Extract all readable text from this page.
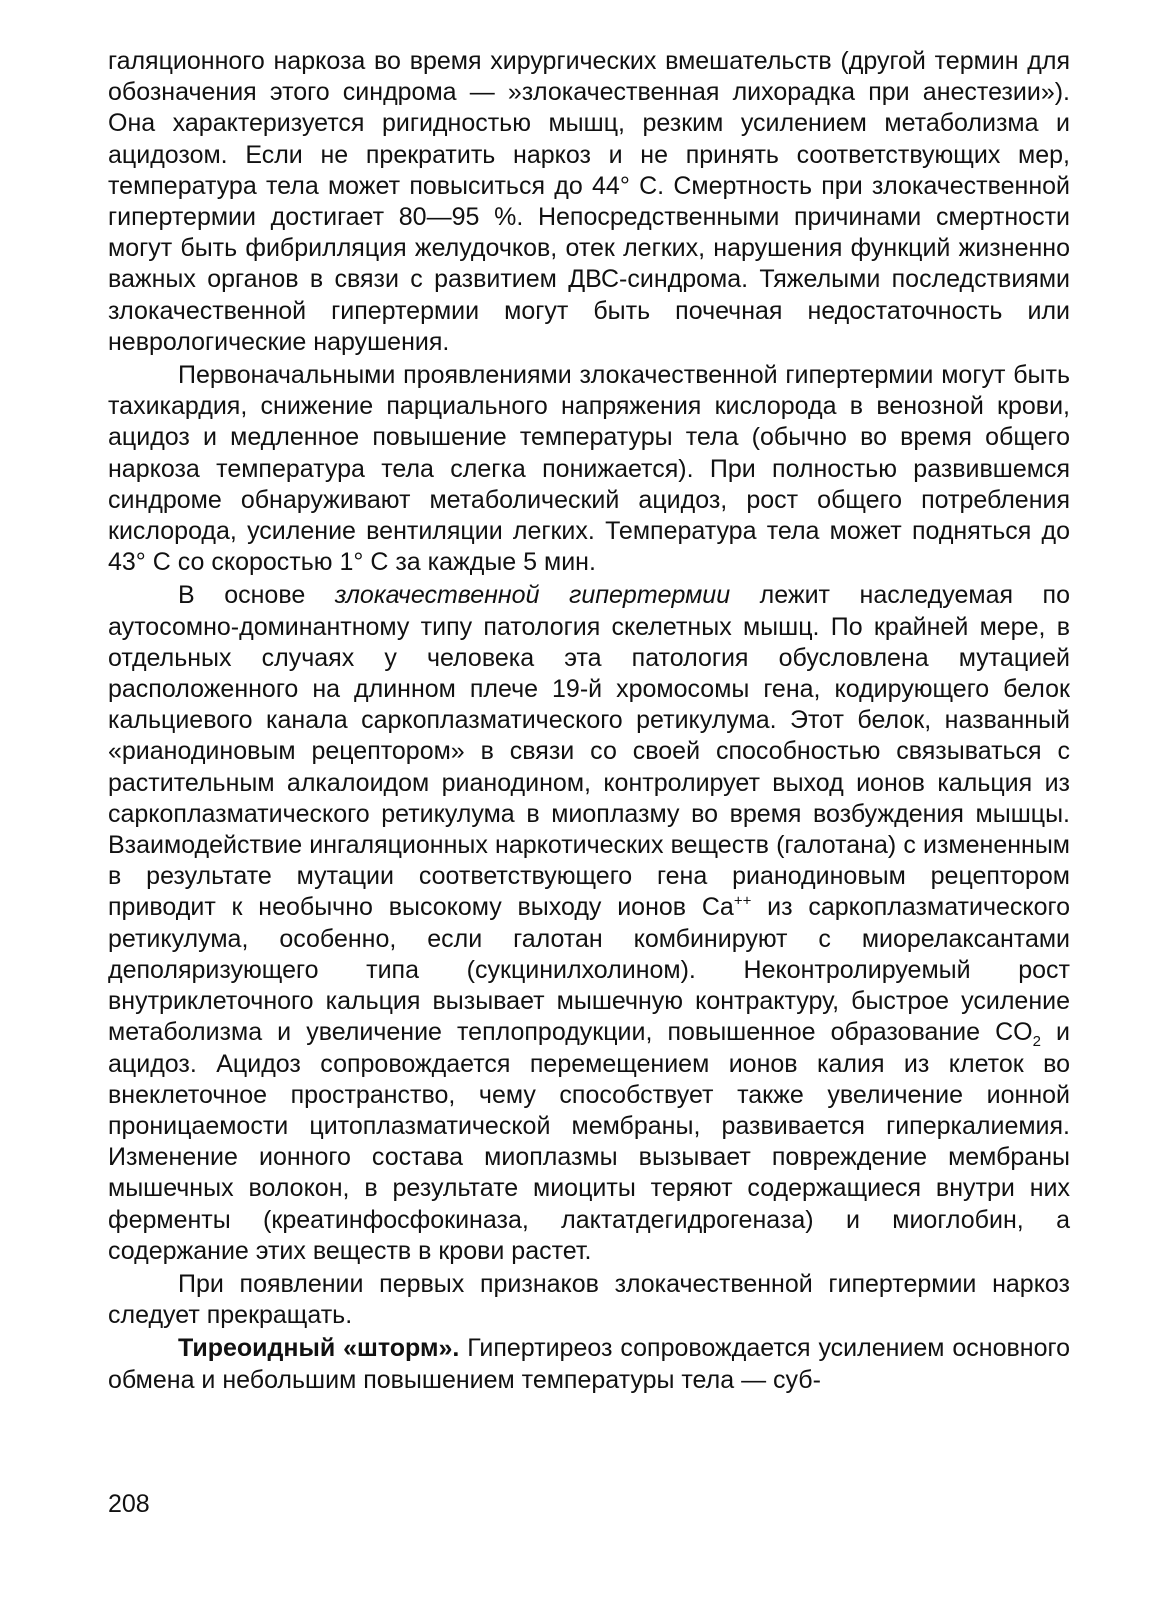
галяционного наркоза во время хирургических вмешательств (другой термин для обозначения этого синдрома — »злокачественная лихорадка при анестезии»). Она характеризуется ригидностью мышц, резким усилением метаболизма и ацидозом. Если не прекратить наркоз и не принять соответствующих мер, температура тела может повыситься до 44° С. Смертность при злокачественной гипертермии достигает 80—95 %. Непосредственными причинами смертности могут быть фибрилляция желудочков, отек легких, нарушения функций жизненно важных органов в связи с развитием ДВС-синдрома. Тяжелыми последствиями злокачественной гипертермии могут быть почечная недостаточность или неврологические нарушения.

Первоначальными проявлениями злокачественной гипертермии могут быть тахикардия, снижение парциального напряжения кислорода в венозной крови, ацидоз и медленное повышение температуры тела (обычно во время общего наркоза температура тела слегка понижается). При полностью развившемся синдроме обнаруживают метаболический ацидоз, рост общего потребления кислорода, усиление вентиляции легких. Температура тела может подняться до 43° С со скоростью 1° С за каждые 5 мин.

В основе злокачественной гипертермии лежит наследуемая по аутосомно-доминантному типу патология скелетных мышц. По крайней мере, в отдельных случаях у человека эта патология обусловлена мутацией расположенного на длинном плече 19-й хромосомы гена, кодирующего белок кальциевого канала саркоплазматического ретикулума. Этот белок, названный «рианодиновым рецептором» в связи со своей способностью связываться с растительным алкалоидом рианодином, контролирует выход ионов кальция из саркоплазматического ретикулума в миоплазму во время возбуждения мышцы. Взаимодействие ингаляционных наркотических веществ (галотана) с измененным в результате мутации соответствующего гена рианодиновым рецептором приводит к необычно высокому выходу ионов Ca++ из саркоплазматического ретикулума, особенно, если галотан комбинируют с миорелаксантами деполяризующего типа (сукцинилхолином). Неконтролируемый рост внутриклеточного кальция вызывает мышечную контрактуру, быстрое усиление метаболизма и увеличение теплопродукции, повышенное образование $CO_2$ и ацидоз. Ацидоз сопровождается перемещением ионов калия из клеток во внеклеточное пространство, чему способствует также увеличение ионной проницаемости цитоплазматической мембраны, развивается гиперкалиемия. Изменение ионного состава миоплазмы вызывает повреждение мембраны мышечных волокон, в результате миоциты теряют содержащиеся внутри них ферменты (креатинфосфокиназа, лактатдегидрогеназа) и миоглобин, а содержание этих веществ в крови растет.

При появлении первых признаков злокачественной гипертермии наркоз следует прекращать.

Тиреоидный «шторм». Гипертиреоз сопровождается усилением основного обмена и небольшим повышением температуры тела — суб-

208
